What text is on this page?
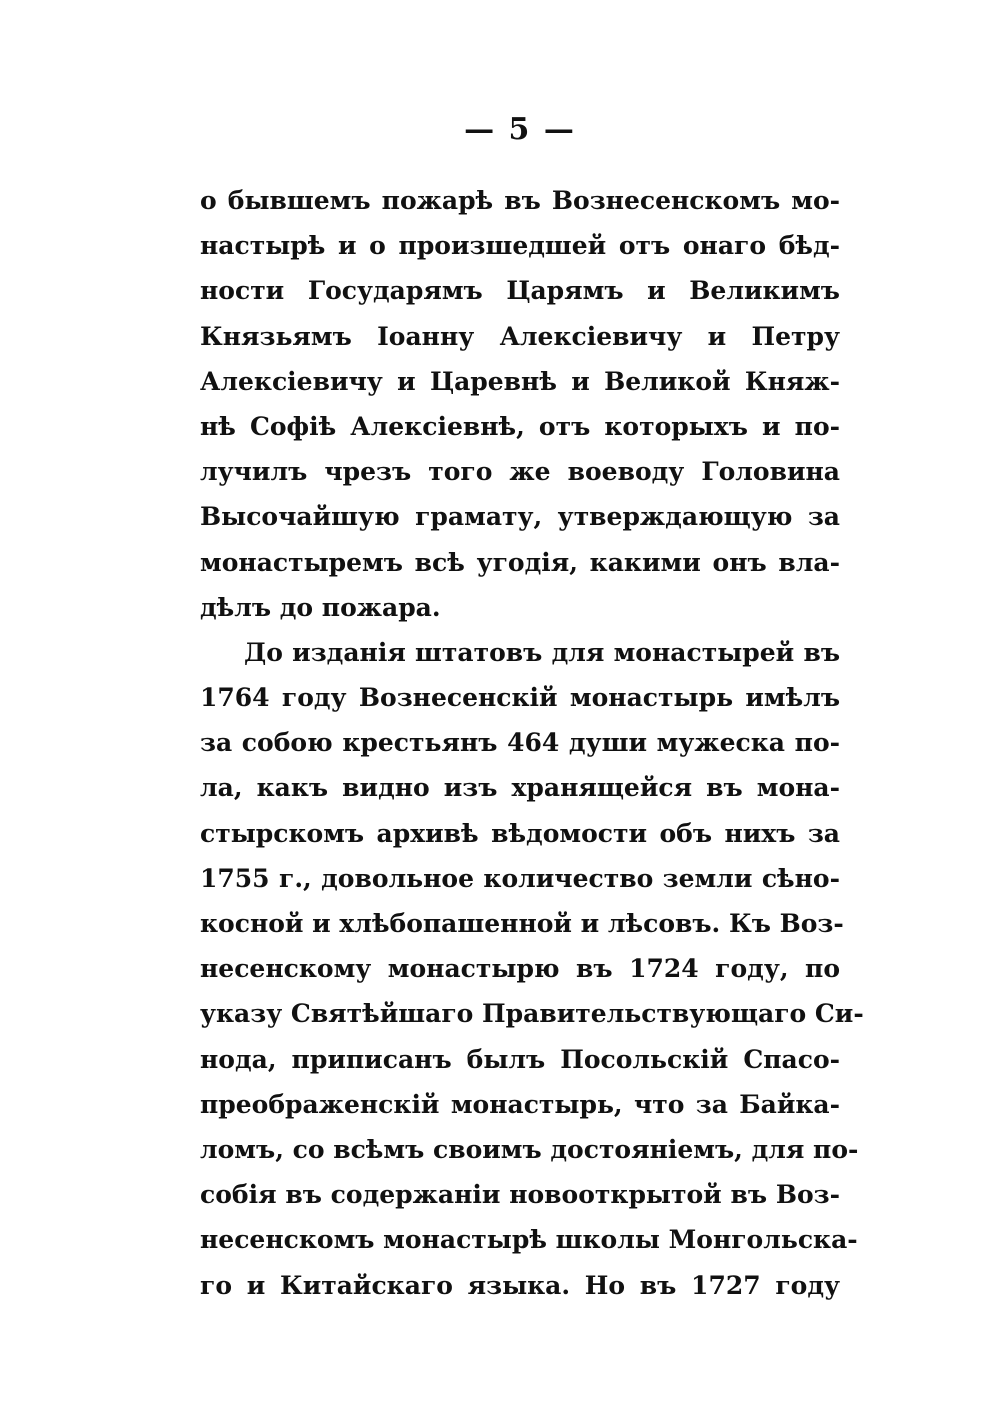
— 5 —
о бывшемъ пожарѣ въ Вознесенскомъ мо-
настырѣ и о произшедшей отъ онаго бѣд-
ности Государямъ Царямъ и Великимъ
Князьямъ Іоанну Алексіевичу и Петру
Алексіевичу и Царевнѣ и Великой Княж-
нѣ Софіѣ Алексіевнѣ, отъ которыхъ и по-
лучилъ чрезъ того же воеводу Головина
Высочайшую грамату, утверждающую за
монастыремъ всѣ угодія, какими онъ вла-
дѣлъ до пожара.
До изданія штатовъ для монастырей въ
1764 году Вознесенскій монастырь имѣлъ
за собою крестьянъ 464 души мужеска по-
ла, какъ видно изъ хранящейся въ мона-
стырскомъ архивѣ вѣдомости объ нихъ за
1755 г., довольное количество земли сѣно-
косной и хлѣбопашенной и лѣсовъ. Къ Воз-
несенскому монастырю въ 1724 году, по
указу Святѣйшаго Правительствующаго Си-
нода, приписанъ былъ Посольскій Спасо-
преображенскій монастырь, что за Байка-
ломъ, со всѣмъ своимъ достояніемъ, для по-
собія въ содержаніи новооткрытой въ Воз-
несенскомъ монастырѣ школы Монгольска-
го и Китайскаго языка. Но въ 1727 году
